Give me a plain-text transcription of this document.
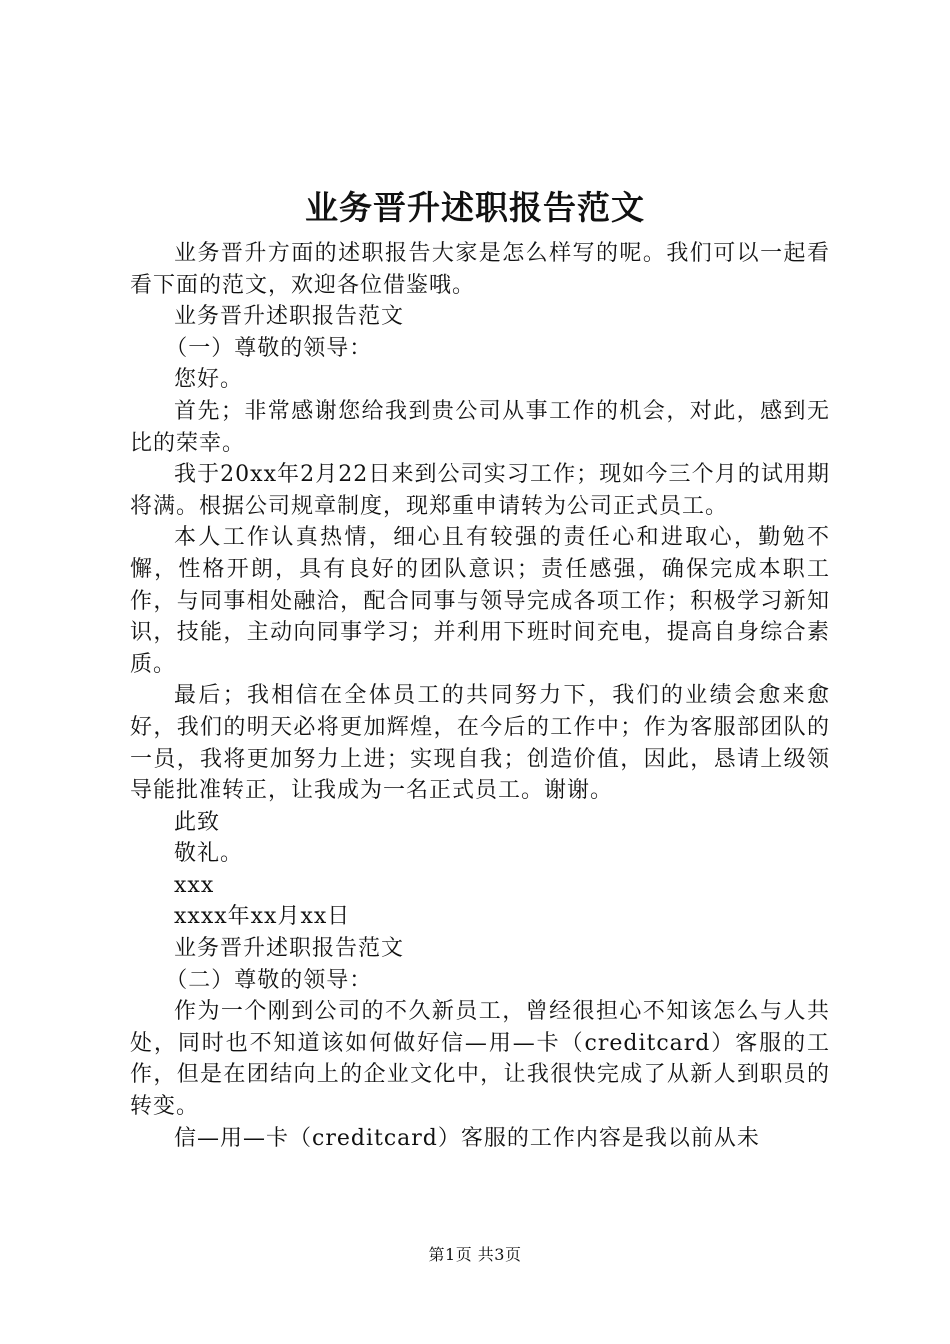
业务晋升述职报告范文

业务晋升方面的述职报告大家是怎么样写的呢。我们可以一起看看下面的范文，欢迎各位借鉴哦。

业务晋升述职报告范文

（一）尊敬的领导：

您好。

首先；非常感谢您给我到贵公司从事工作的机会，对此，感到无比的荣幸。

我于20xx年2月22日来到公司实习工作；现如今三个月的试用期将满。根据公司规章制度，现郑重申请转为公司正式员工。

本人工作认真热情，细心且有较强的责任心和进取心，勤勉不懈，性格开朗，具有良好的团队意识；责任感强，确保完成本职工作，与同事相处融洽，配合同事与领导完成各项工作；积极学习新知识，技能，主动向同事学习；并利用下班时间充电，提高自身综合素质。

最后；我相信在全体员工的共同努力下，我们的业绩会愈来愈好，我们的明天必将更加辉煌，在今后的工作中；作为客服部团队的一员，我将更加努力上进；实现自我；创造价值，因此，恳请上级领导能批准转正，让我成为一名正式员工。谢谢。

此致

敬礼。

xxx

xxxx年xx月xx日

业务晋升述职报告范文

（二）尊敬的领导：

作为一个刚到公司的不久新员工，曾经很担心不知该怎么与人共处，同时也不知道该如何做好信—用—卡（creditcard）客服的工作，但是在团结向上的企业文化中，让我很快完成了从新人到职员的转变。

信—用—卡（creditcard）客服的工作内容是我以前从未

第1页 共3页
